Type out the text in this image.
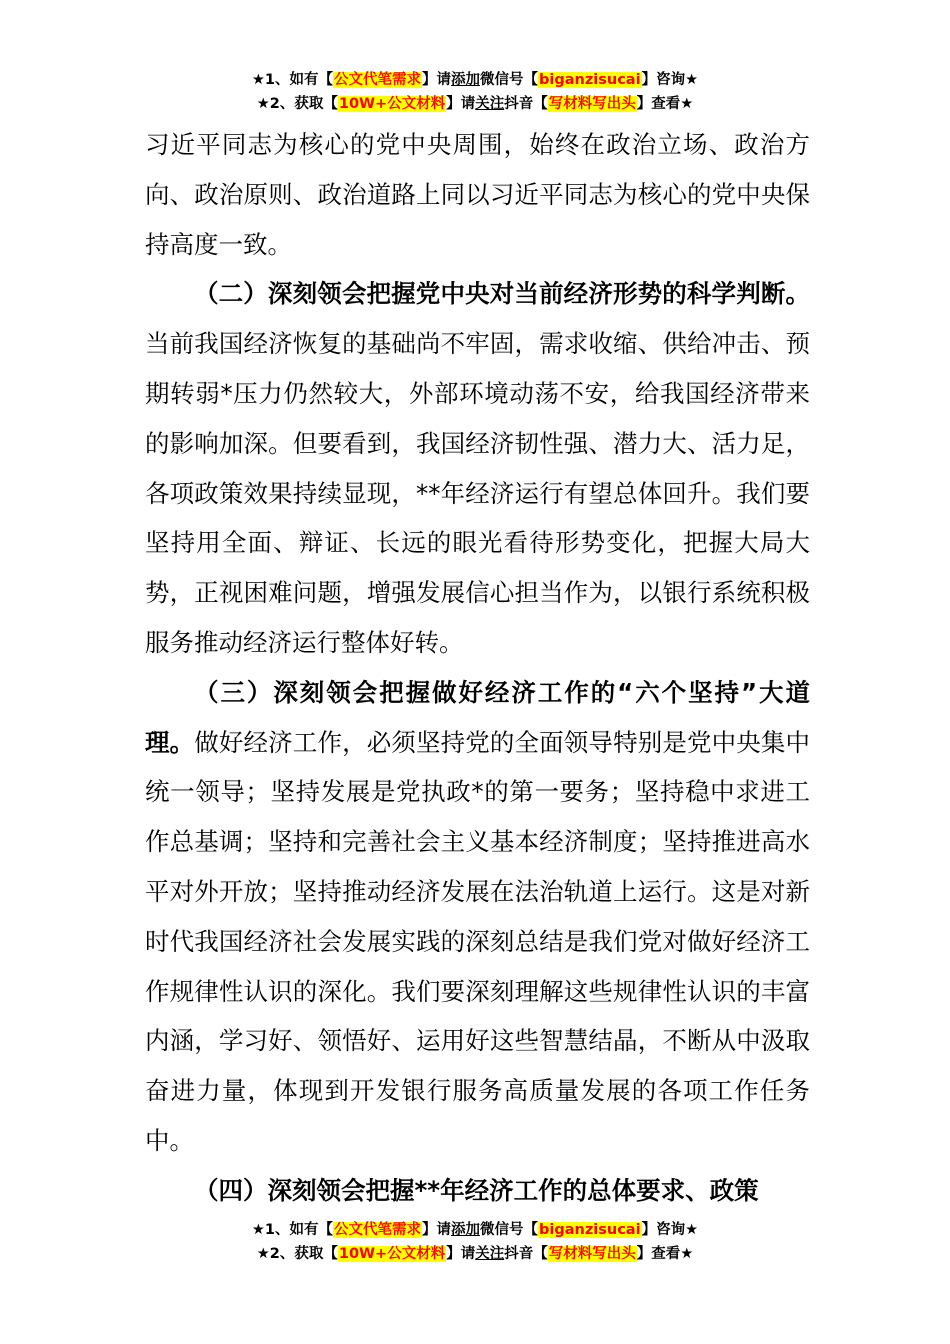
★1、如有【公文代笔需求】请添加微信号【biganzisucai】咨询★
★2、获取【10W+公文材料】请关注抖音【写材料写出头】查看★

习近平同志为核心的党中央周围，始终在政治立场、政治方向、政治原则、政治道路上同以习近平同志为核心的党中央保持高度一致。

（二）深刻领会把握党中央对当前经济形势的科学判断。当前我国经济恢复的基础尚不牢固，需求收缩、供给冲击、预期转弱*压力仍然较大，外部环境动荡不安，给我国经济带来的影响加深。但要看到，我国经济韧性强、潜力大、活力足，各项政策效果持续显现，**年经济运行有望总体回升。我们要坚持用全面、辩证、长远的眼光看待形势变化，把握大局大势，正视困难问题，增强发展信心担当作为，以银行系统积极服务推动经济运行整体好转。

（三）深刻领会把握做好经济工作的“六个坚持”大道理。做好经济工作，必须坚持党的全面领导特别是党中央集中统一领导；坚持发展是党执政*的第一要务；坚持稳中求进工作总基调；坚持和完善社会主义基本经济制度；坚持推进高水平对外开放；坚持推动经济发展在法治轨道上运行。这是对新时代我国经济社会发展实践的深刻总结是我们党对做好经济工作规律性认识的深化。我们要深刻理解这些规律性认识的丰富内涵，学习好、领悟好、运用好这些智慧结晶，不断从中汲取奋进力量，体现到开发银行服务高质量发展的各项工作任务中。

（四）深刻领会把握**年经济工作的总体要求、政策

★1、如有【公文代笔需求】请添加微信号【biganzisucai】咨询★
★2、获取【10W+公文材料】请关注抖音【写材料写出头】查看★
